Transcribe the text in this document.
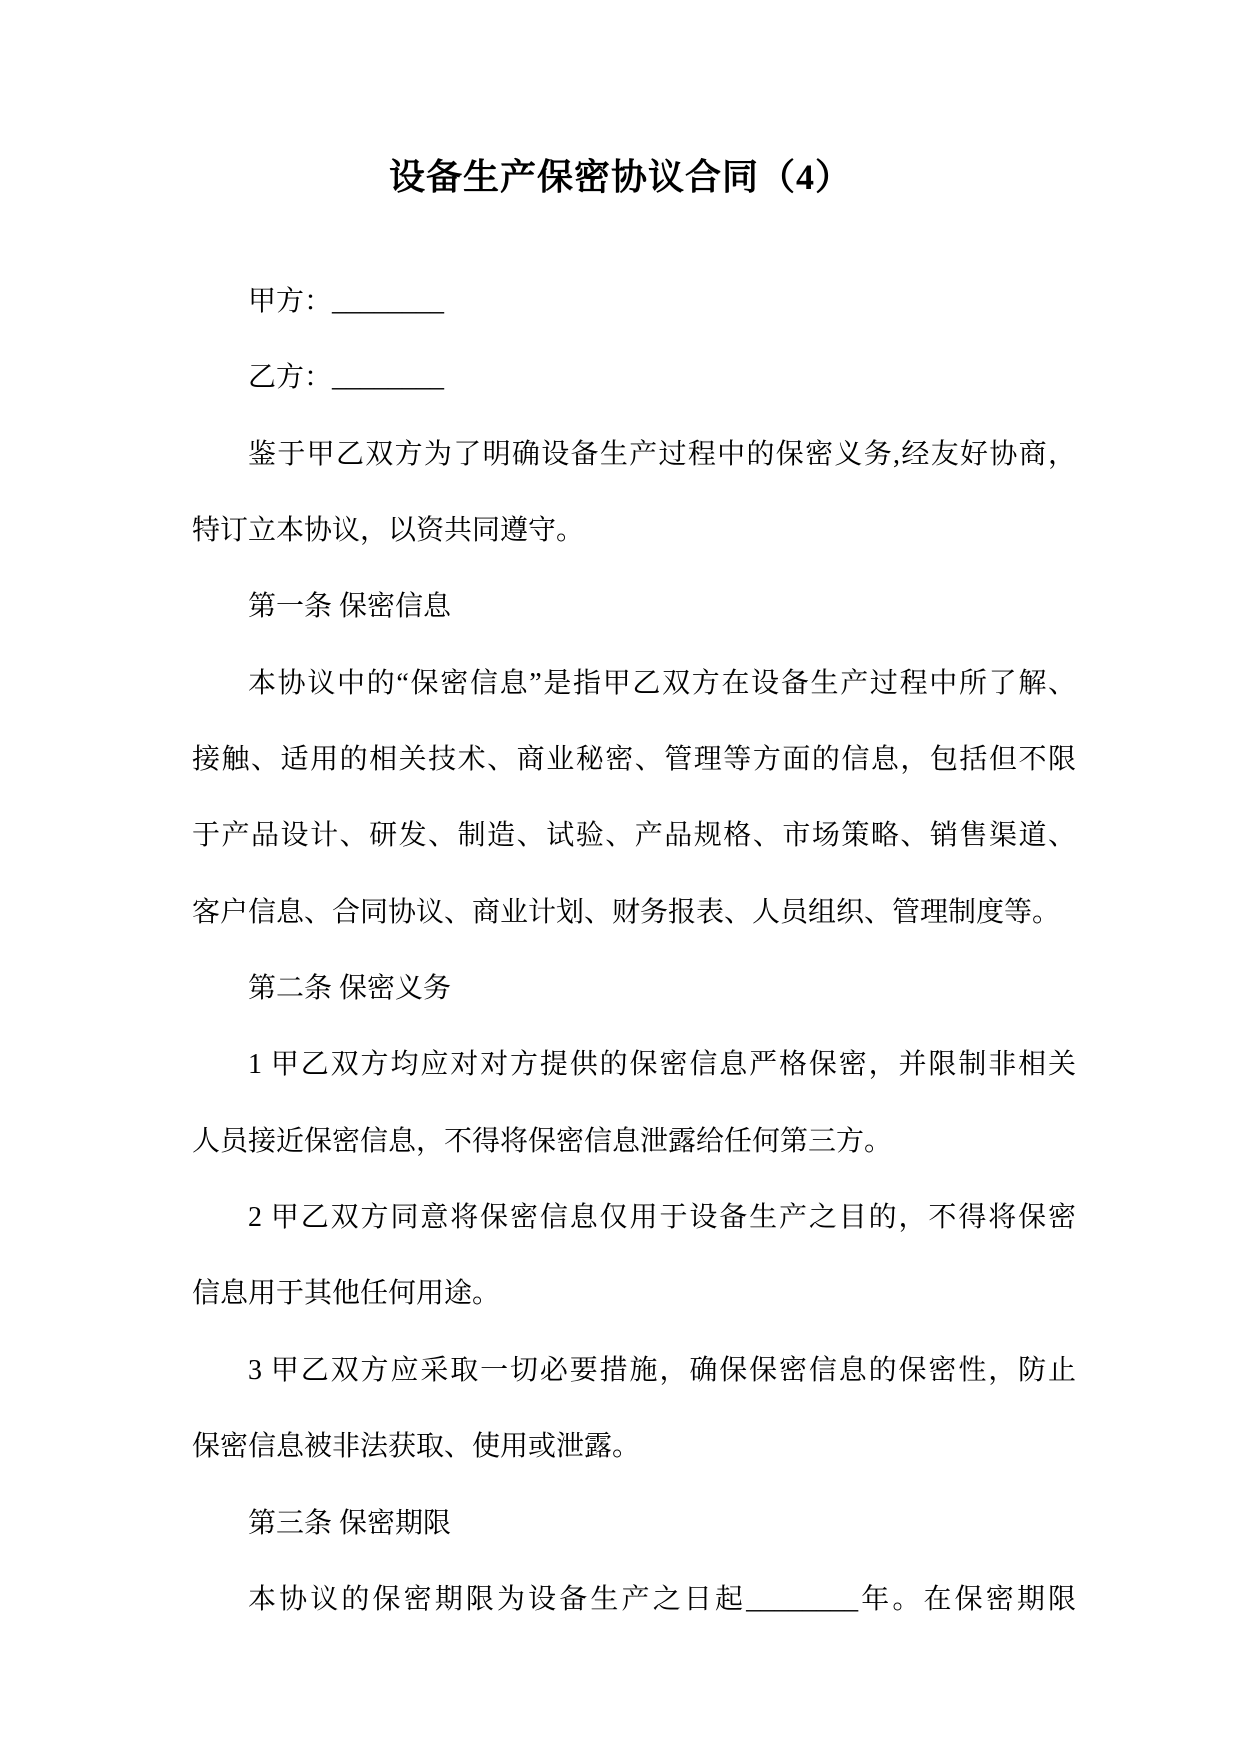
设备生产保密协议合同（4）
甲方：________
乙方：________
鉴于甲乙双方为了明确设备生产过程中的保密义务,经友好协商，
特订立本协议，以资共同遵守。
第一条 保密信息
本协议中的“保密信息”是指甲乙双方在设备生产过程中所了解、
接触、适用的相关技术、商业秘密、管理等方面的信息，包括但不限
于产品设计、研发、制造、试验、产品规格、市场策略、销售渠道、
客户信息、合同协议、商业计划、财务报表、人员组织、管理制度等。
第二条 保密义务
1 甲乙双方均应对对方提供的保密信息严格保密，并限制非相关
人员接近保密信息，不得将保密信息泄露给任何第三方。
2 甲乙双方同意将保密信息仅用于设备生产之目的，不得将保密
信息用于其他任何用途。
3 甲乙双方应采取一切必要措施，确保保密信息的保密性，防止
保密信息被非法获取、使用或泄露。
第三条 保密期限
本协议的保密期限为设备生产之日起________年。在保密期限
